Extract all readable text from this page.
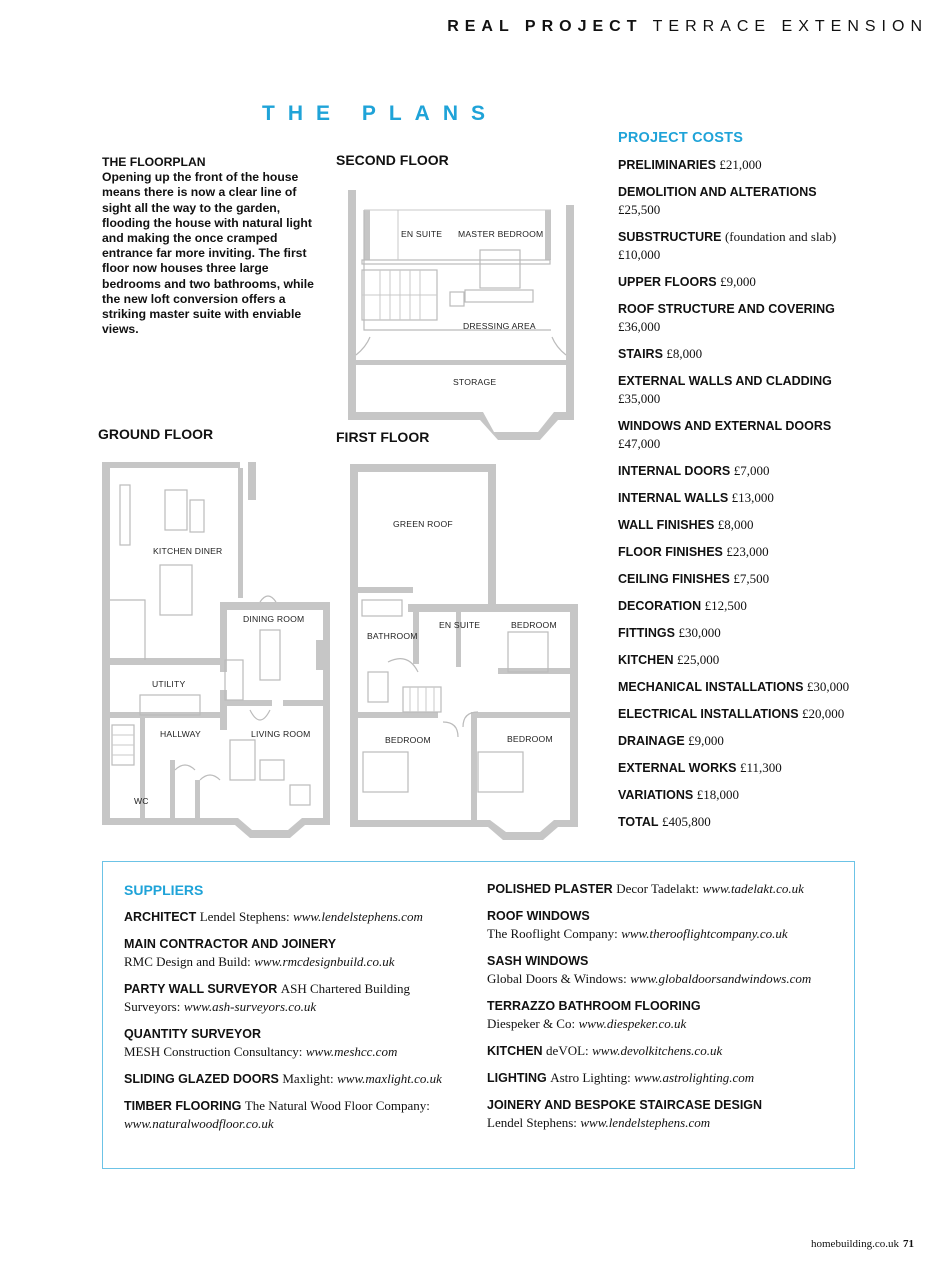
REAL PROJECT TERRACE EXTENSION
THE PLANS
THE FLOORPLAN
Opening up the front of the house means there is now a clear line of sight all the way to the garden, flooding the house with natural light and making the once cramped entrance far more inviting. The first floor now houses three large bedrooms and two bathrooms, while the new loft conversion offers a striking master suite with enviable views.
SECOND FLOOR
GROUND FLOOR	FIRST FLOOR
EN SUITE MASTER BEDROOM
DRESSING AREA
STORAGE
KITCHEN DINER
DINING ROOM
UTILITY
HALLWAY	LIVING ROOM
WC
GREEN ROOF
BATHROOM
EN SUITE	BEDROOM
BEDROOM	BEDROOM
PROJECT COSTS
PRELIMINARIES £21,000
DEMOLITION AND ALTERATIONS
£25,500
SUBSTRUCTURE (foundation and slab)
£10,000
UPPER FLOORS £9,000
ROOF STRUCTURE AND COVERING
£36,000
STAIRS £8,000
EXTERNAL WALLS AND CLADDING
£35,000
WINDOWS AND EXTERNAL DOORS
£47,000
INTERNAL DOORS £7,000
INTERNAL WALLS £13,000
WALL FINISHES £8,000
FLOOR FINISHES £23,000
CEILING FINISHES £7,500
DECORATION £12,500
FITTINGS £30,000
KITCHEN £25,000
MECHANICAL INSTALLATIONS £30,000
ELECTRICAL INSTALLATIONS £20,000
DRAINAGE £9,000
EXTERNAL WORKS £11,300
VARIATIONS £18,000
TOTAL £405,800
SUPPLIERS
ARCHITECT Lendel Stephens: www.lendelstephens.com
MAIN CONTRACTOR AND JOINERY
RMC Design and Build: www.rmcdesignbuild.co.uk
PARTY WALL SURVEYOR ASH Chartered Building Surveyors: www.ash-surveyors.co.uk
QUANTITY SURVEYOR
MESH Construction Consultancy: www.meshcc.com
SLIDING GLAZED DOORS Maxlight: www.maxlight.co.uk
TIMBER FLOORING The Natural Wood Floor Company:
www.naturalwoodfloor.co.uk
POLISHED PLASTER Decor Tadelakt: www.tadelakt.co.uk
ROOF WINDOWS
The Rooflight Company: www.therooflightcompany.co.uk
SASH WINDOWS
Global Doors & Windows: www.globaldoorsandwindows.com
TERRAZZO BATHROOM FLOORING
Diespeker & Co: www.diespeker.co.uk
KITCHEN deVOL: www.devolkitchens.co.uk
LIGHTING Astro Lighting: www.astrolighting.com
JOINERY AND BESPOKE STAIRCASE DESIGN
Lendel Stephens: www.lendelstephens.com
homebuilding.co.uk 71
